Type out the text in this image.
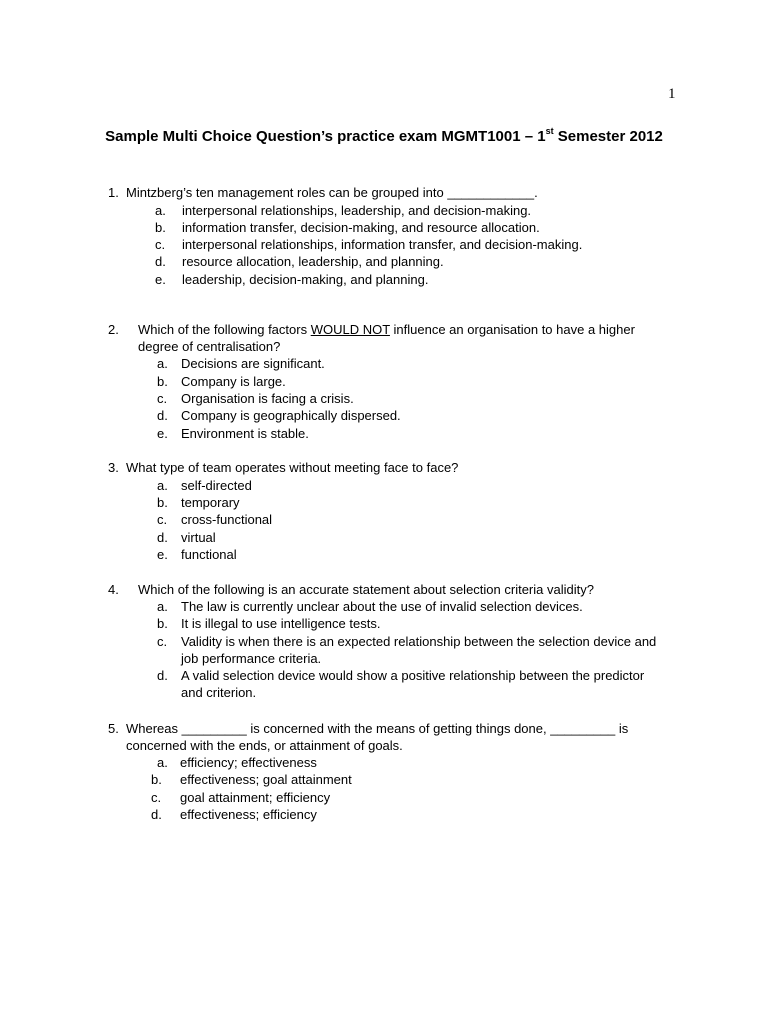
1
Sample Multi Choice Question’s practice exam MGMT1001 – 1st Semester 2012
1. Mintzberg’s ten management roles can be grouped into ____________.
a. interpersonal relationships, leadership, and decision-making.
b. information transfer, decision-making, and resource allocation.
c. interpersonal relationships, information transfer, and decision-making.
d. resource allocation, leadership, and planning.
e. leadership, decision-making, and planning.
2. Which of the following factors WOULD NOT influence an organisation to have a higher degree of centralisation?
a. Decisions are significant.
b. Company is large.
c. Organisation is facing a crisis.
d. Company is geographically dispersed.
e. Environment is stable.
3. What type of team operates without meeting face to face?
a. self-directed
b. temporary
c. cross-functional
d. virtual
e. functional
4. Which of the following is an accurate statement about selection criteria validity?
a. The law is currently unclear about the use of invalid selection devices.
b. It is illegal to use intelligence tests.
c. Validity is when there is an expected relationship between the selection device and job performance criteria.
d. A valid selection device would show a positive relationship between the predictor and criterion.
5. Whereas _________ is concerned with the means of getting things done, _________ is concerned with the ends, or attainment of goals.
a. efficiency; effectiveness
b. effectiveness; goal attainment
c. goal attainment; efficiency
d. effectiveness; efficiency
